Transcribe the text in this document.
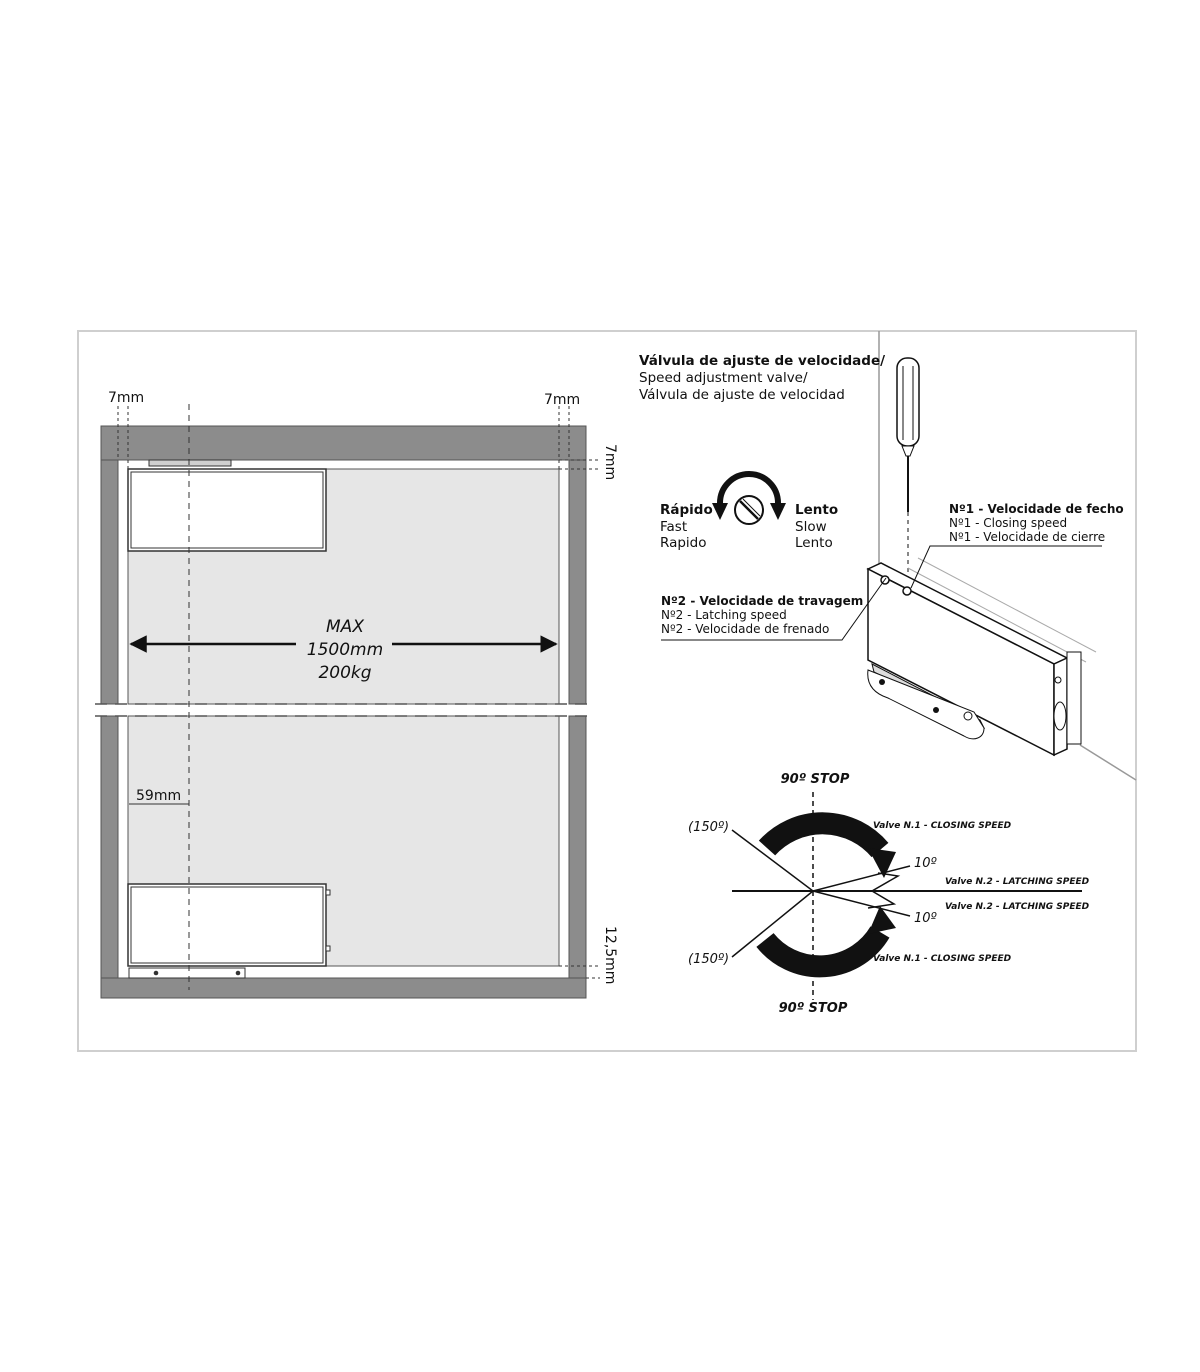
7mm	7mm
7mm
12,5mm
59mm
MAX
1500mm
200kg
Válvula de ajuste de velocidade/
Speed adjustment valve/
Válvula de ajuste de velocidad
Rápido
Fast
Rapido
Lento
Slow
Lento
Nº1 - Velocidade de fecho
Nº1 - Closing speed
Nº1 - Velocidade de cierre
Nº2 - Velocidade de travagem
Nº2 - Latching speed
Nº2 - Velocidade de frenado
90º STOP
90º STOP
(150º)
(150º)
10º
10º
Valve N.1 - CLOSING SPEED
Valve N.2 - LATCHING SPEED
Valve N.2 - LATCHING SPEED
Valve N.1 - CLOSING SPEED
